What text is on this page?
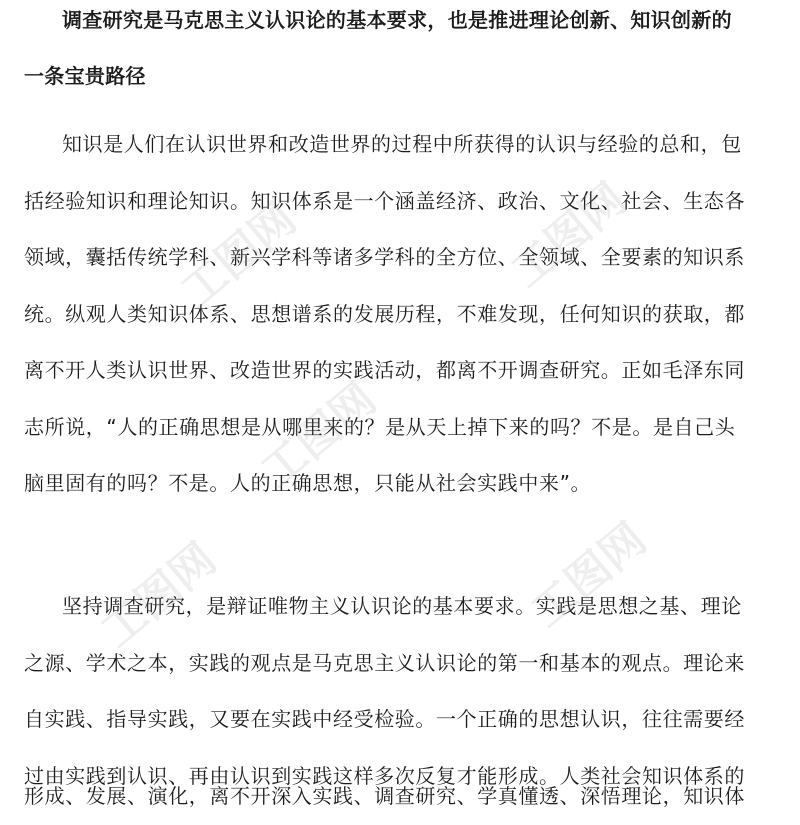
调查研究是马克思主义认识论的基本要求，也是推进理论创新、知识创新的
一条宝贵路径
知识是人们在认识世界和改造世界的过程中所获得的认识与经验的总和，包
括经验知识和理论知识。知识体系是一个涵盖经济、政治、文化、社会、生态各
领域，囊括传统学科、新兴学科等诸多学科的全方位、全领域、全要素的知识系
统。纵观人类知识体系、思想谱系的发展历程，不难发现，任何知识的获取，都
离不开人类认识世界、改造世界的实践活动，都离不开调查研究。正如毛泽东同
志所说，“人的正确思想是从哪里来的？是从天上掉下来的吗？不是。是自己头
脑里固有的吗？不是。人的正确思想，只能从社会实践中来”。
坚持调查研究，是辩证唯物主义认识论的基本要求。实践是思想之基、理论
之源、学术之本，实践的观点是马克思主义认识论的第一和基本的观点。理论来
自实践、指导实践，又要在实践中经受检验。一个正确的思想认识，往往需要经
过由实践到认识、再由认识到实践这样多次反复才能形成。人类社会知识体系的
形成、发展、演化，离不开深入实践、调查研究、学真懂透、深悟理论，知识体
工图网	工图网
工图网
工图网	工图网
